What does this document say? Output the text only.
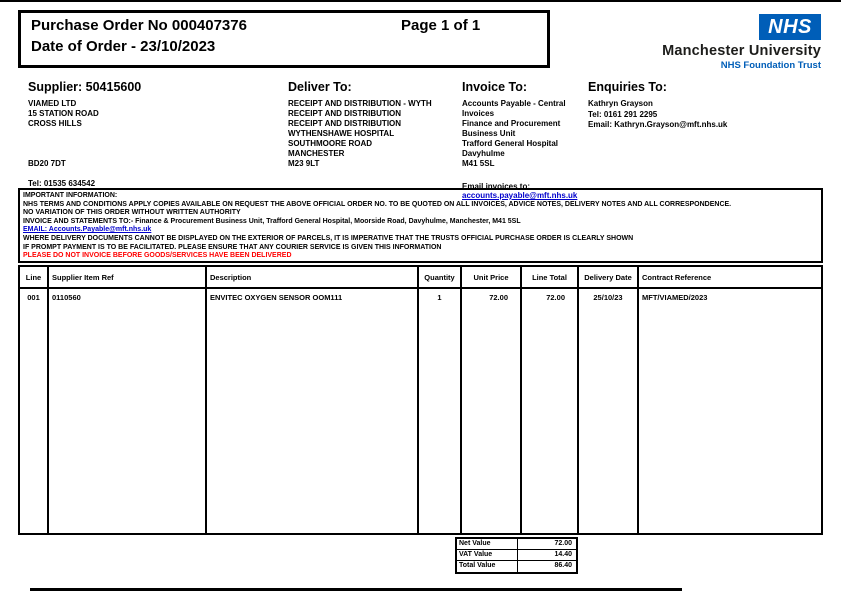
Purchase Order No 000407376	Page 1 of 1
Date of Order - 23/10/2023
NHS
Manchester University
NHS Foundation Trust
Supplier: 50415600
VIAMED LTD
15 STATION ROAD
CROSS HILLS
BD20 7DT
Tel: 01535 634542
Deliver To:
RECEIPT AND DISTRIBUTION - WYTH
RECEIPT AND DISTRIBUTION
RECEIPT AND DISTRIBUTION
WYTHENSHAWE HOSPITAL
SOUTHMOORE ROAD
MANCHESTER
M23 9LT
Invoice To:
Accounts Payable - Central
Invoices
Finance and Procurement
Business Unit
Trafford General Hospital
Davyhulme
M41 5SL
Email invoices to:
accounts.payable@mft.nhs.uk
Enquiries To:
Kathryn Grayson
Tel: 0161 291 2295
Email: Kathryn.Grayson@mft.nhs.uk
IMPORTANT INFORMATION:
NHS TERMS AND CONDITIONS APPLY COPIES AVAILABLE ON REQUEST THE ABOVE OFFICIAL ORDER NO. TO BE QUOTED ON ALL INVOICES, ADVICE NOTES, DELIVERY NOTES AND ALL CORRESPONDENCE.
NO VARIATION OF THIS ORDER WITHOUT WRITTEN AUTHORITY
INVOICE AND STATEMENTS TO:- Finance & Procurement Business Unit, Trafford General Hospital, Moorside Road, Davyhulme, Manchester, M41 5SL
EMAIL: Accounts.Payable@mft.nhs.uk
WHERE DELIVERY DOCUMENTS CANNOT BE DISPLAYED ON THE EXTERIOR OF PARCELS, IT IS IMPERATIVE THAT THE TRUSTS OFFICIAL PURCHASE ORDER IS CLEARLY SHOWN
IF PROMPT PAYMENT IS TO BE FACILITATED. PLEASE ENSURE THAT ANY COURIER SERVICE IS GIVEN THIS INFORMATION
PLEASE DO NOT INVOICE BEFORE GOODS/SERVICES HAVE BEEN DELIVERED
Line	Supplier Item Ref	Description	Quantity	Unit Price	Line Total	Delivery Date	Contract Reference
001	0110560	ENVITEC OXYGEN SENSOR OOM111	1	72.00	72.00	25/10/23	MFT/VIAMED/2023
Net Value	72.00
VAT Value	14.40
Total Value	86.40
